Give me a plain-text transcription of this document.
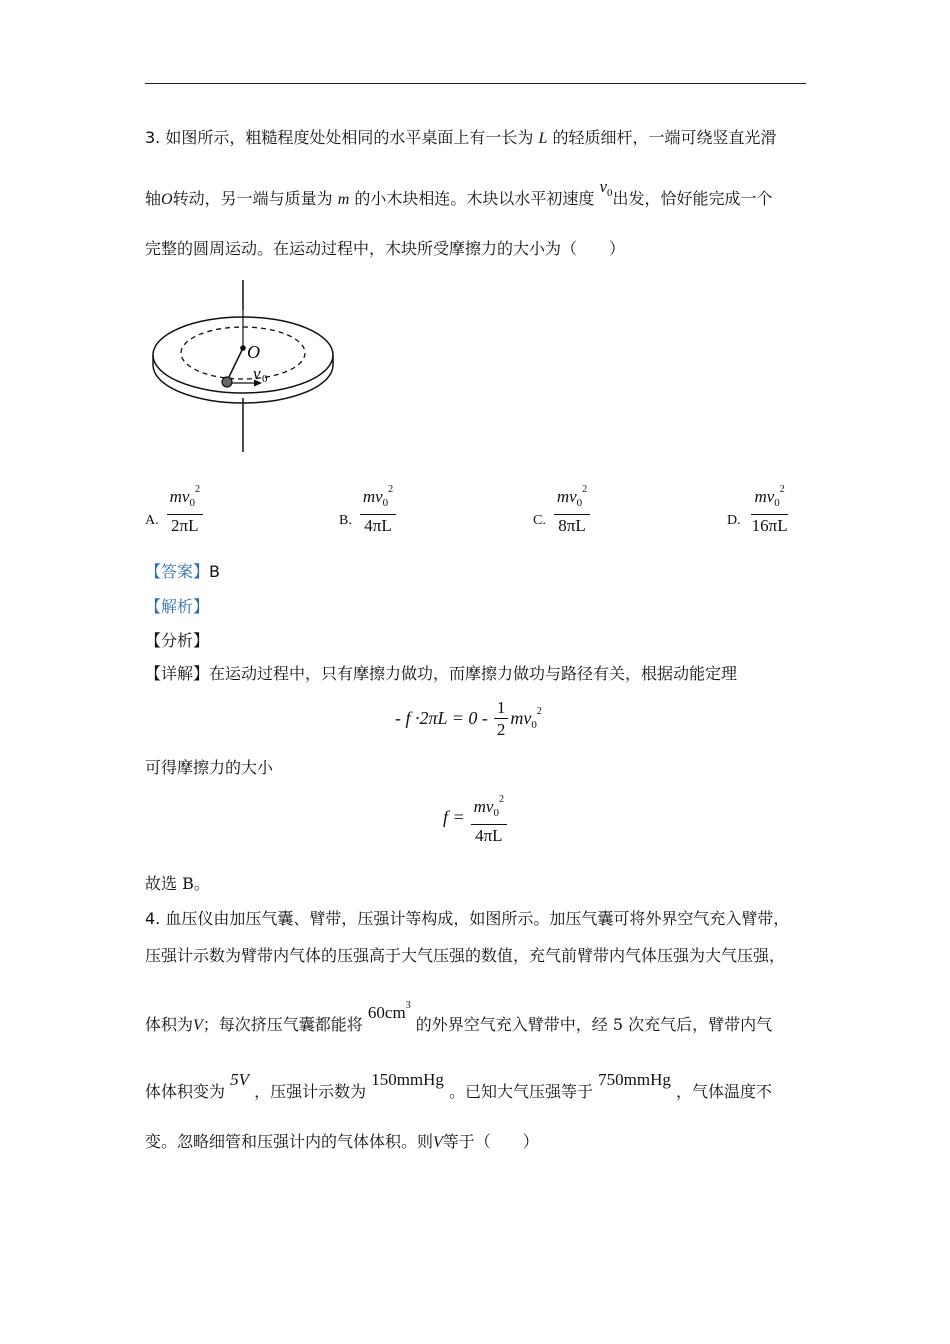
3. 如图所示，粗糙程度处处相同的水平桌面上有一长为 L 的轻质细杆，一端可绕竖直光滑
轴O转动，另一端与质量为 m 的小木块相连。木块以水平初速度 $v_0$出发，恰好能完成一个
完整的圆周运动。在运动过程中，木块所受摩擦力的大小为（　　）
O
v 0
A. $\frac{mv_0^2}{2\pi L}$	B. $\frac{mv_0^2}{4\pi L}$	C. $\frac{mv_0^2}{8\pi L}$	D. $\frac{mv_0^2}{16\pi L}$
【答案】B
【解析】
【分析】
【详解】在运动过程中，只有摩擦力做功，而摩擦力做功与路径有关，根据动能定理
- $f \cdot 2\pi L = 0 - \frac{1}{2} mv_0^2$
可得摩擦力的大小
$f = \frac{mv_0^2}{4\pi L}$
故选 B。
4. 血压仪由加压气囊、臂带，压强计等构成，如图所示。加压气囊可将外界空气充入臂带，
压强计示数为臂带内气体的压强高于大气压强的数值，充气前臂带内气体压强为大气压强，
体积为V；每次挤压气囊都能将 $60cm^3$ 的外界空气充入臂带中，经 5 次充气后，臂带内气
体体积变为 5V ，压强计示数为 150mmHg 。已知大气压强等于 750mmHg ，气体温度不
变。忽略细管和压强计内的气体体积。则V等于（　　）
